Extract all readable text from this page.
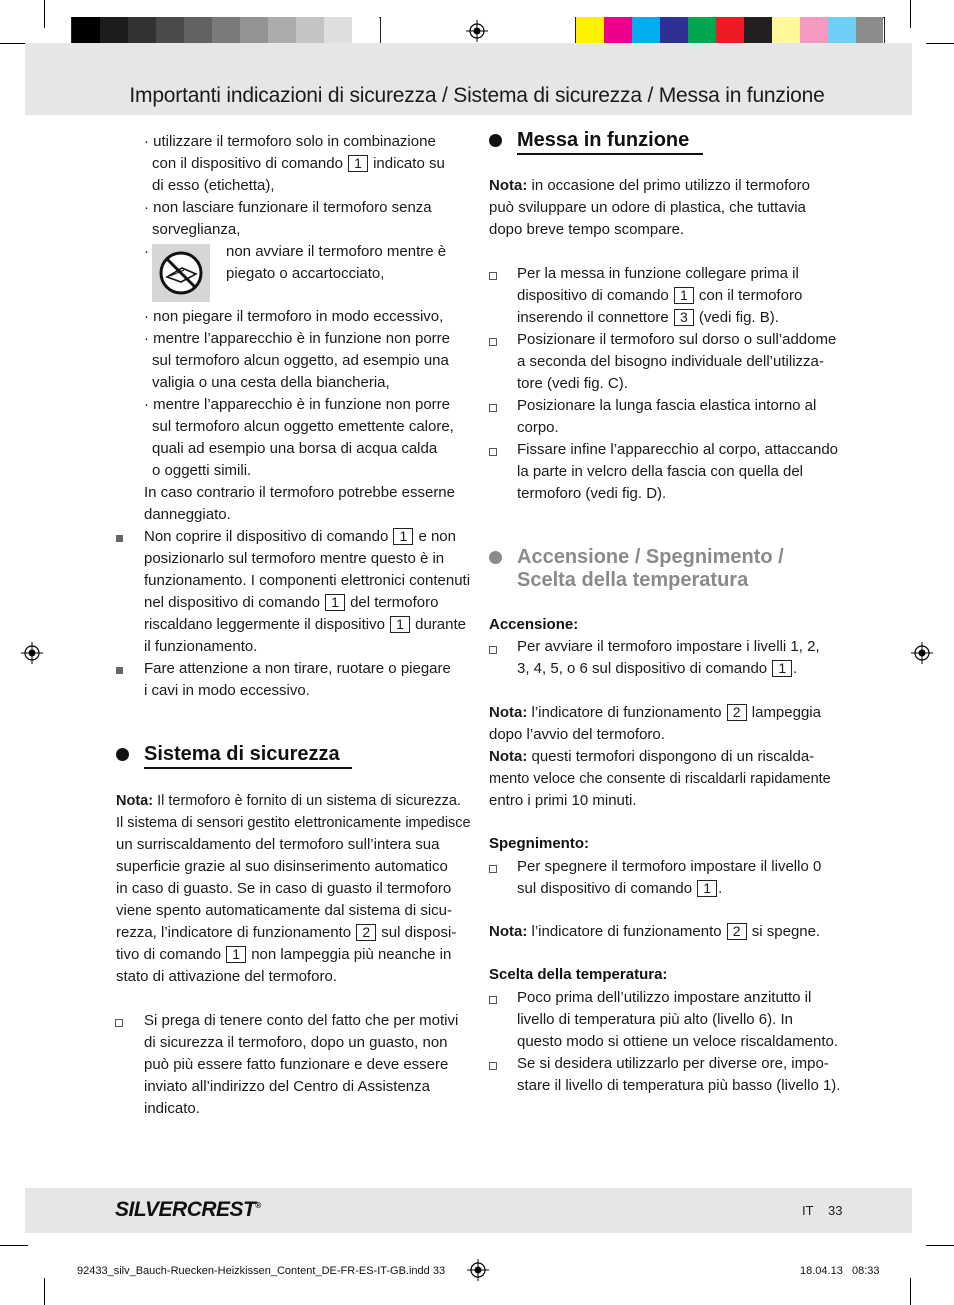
Importanti indicazioni di sicurezza / Sistema di sicurezza / Messa in funzione
· utilizzare il termoforo solo in combinazione
con il dispositivo di comando 1 indicato su
di esso (etichetta),
· non lasciare funzionare il termoforo senza
sorveglianza,
·	non avviare il termoforo mentre è
piegato o accartocciato,
· non piegare il termoforo in modo eccessivo,
· mentre l’apparecchio è in funzione non porre
sul termoforo alcun oggetto, ad esempio una
valigia o una cesta della biancheria,
· mentre l’apparecchio è in funzione non porre
sul termoforo alcun oggetto emettente calore,
quali ad esempio una borsa di acqua calda
o oggetti simili.
In caso contrario il termoforo potrebbe esserne
danneggiato.
Non coprire il dispositivo di comando 1 e non
posizionarlo sul termoforo mentre questo è in
funzionamento. I componenti elettronici contenuti
nel dispositivo di comando 1 del termoforo
riscaldano leggermente il dispositivo 1 durante
il funzionamento.
Fare attenzione a non tirare, ruotare o piegare
i cavi in modo eccessivo.
Sistema di sicurezza
Nota: Il termoforo è fornito di un sistema di sicurezza.
Il sistema di sensori gestito elettronicamente impedisce
un surriscaldamento del termoforo sull’intera sua
superficie grazie al suo disinserimento automatico
in caso di guasto. Se in caso di guasto il termoforo
viene spento automaticamente dal sistema di sicu-
rezza, l’indicatore di funzionamento 2 sul disposi-
tivo di comando 1 non lampeggia più neanche in
stato di attivazione del termoforo.
Si prega di tenere conto del fatto che per motivi
di sicurezza il termoforo, dopo un guasto, non
può più essere fatto funzionare e deve essere
inviato all’indirizzo del Centro di Assistenza
indicato.
Messa in funzione
Nota: in occasione del primo utilizzo il termoforo
può sviluppare un odore di plastica, che tuttavia
dopo breve tempo scompare.
Per la messa in funzione collegare prima il
dispositivo di comando 1 con il termoforo
inserendo il connettore 3 (vedi fig. B).
Posizionare il termoforo sul dorso o sull’addome
a seconda del bisogno individuale dell’utilizza-
tore (vedi fig. C).
Posizionare la lunga fascia elastica intorno al
corpo.
Fissare infine l’apparecchio al corpo, attaccando
la parte in velcro della fascia con quella del
termoforo (vedi fig. D).
Accensione / Spegnimento /
Scelta della temperatura
Accensione:
Per avviare il termoforo impostare i livelli 1, 2,
3, 4, 5, o 6 sul dispositivo di comando 1 .
Nota: l’indicatore di funzionamento 2 lampeggia
dopo l’avvio del termoforo.
Nota: questi termofori dispongono di un riscalda-
mento veloce che consente di riscaldarli rapidamente
entro i primi 10 minuti.
Spegnimento:
Per spegnere il termoforo impostare il livello 0
sul dispositivo di comando 1 .
Nota: l’indicatore di funzionamento 2 si spegne.
Scelta della temperatura:
Poco prima dell’utilizzo impostare anzitutto il
livello di temperatura più alto (livello 6). In
questo modo si ottiene un veloce riscaldamento.
Se si desidera utilizzarlo per diverse ore, impo-
stare il livello di temperatura più basso (livello 1).
SILVERCREST®	IT 33
92433_silv_Bauch-Ruecken-Heizkissen_Content_DE-FR-ES-IT-GB.indd 33	18.04.13 08:33
